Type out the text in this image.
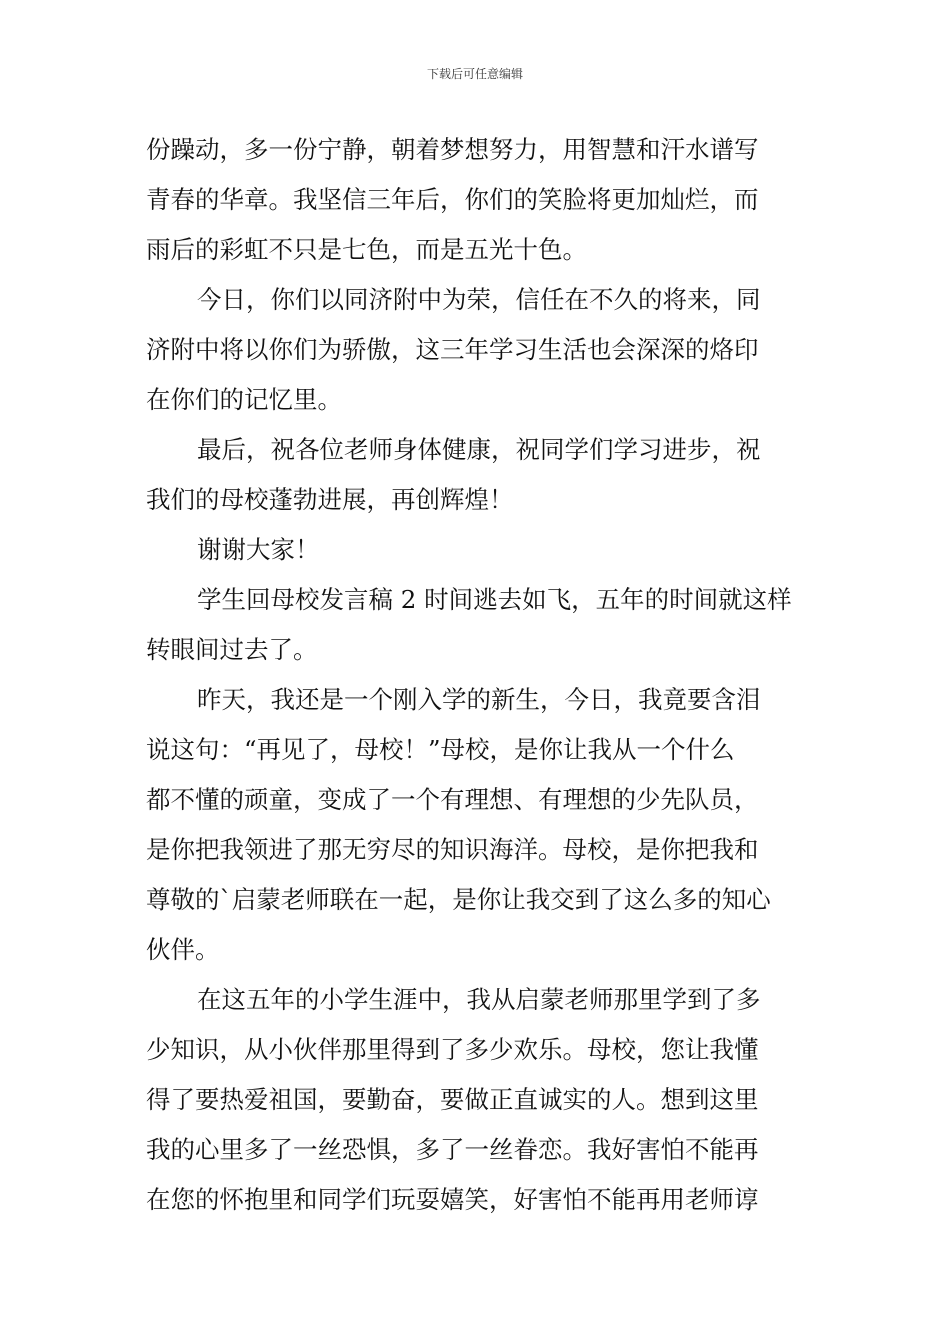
下载后可任意编辑
份躁动，多一份宁静，朝着梦想努力，用智慧和汗水谱写
青春的华章。我坚信三年后，你们的笑脸将更加灿烂，而
雨后的彩虹不只是七色，而是五光十色。
今日，你们以同济附中为荣，信任在不久的将来，同
济附中将以你们为骄傲，这三年学习生活也会深深的烙印
在你们的记忆里。
最后，祝各位老师身体健康，祝同学们学习进步，祝
我们的母校蓬勃进展，再创辉煌！
谢谢大家！
学生回母校发言稿 2 时间逃去如飞，五年的时间就这样
转眼间过去了。
昨天，我还是一个刚入学的新生，今日，我竟要含泪
说这句：“再见了，母校！”母校，是你让我从一个什么
都不懂的顽童，变成了一个有理想、有理想的少先队员，
是你把我领进了那无穷尽的知识海洋。母校，是你把我和
尊敬的`启蒙老师联在一起，是你让我交到了这么多的知心
伙伴。
在这五年的小学生涯中，我从启蒙老师那里学到了多
少知识，从小伙伴那里得到了多少欢乐。母校，您让我懂
得了要热爱祖国，要勤奋，要做正直诚实的人。想到这里
我的心里多了一丝恐惧，多了一丝眷恋。我好害怕不能再
在您的怀抱里和同学们玩耍嬉笑，好害怕不能再用老师谆
